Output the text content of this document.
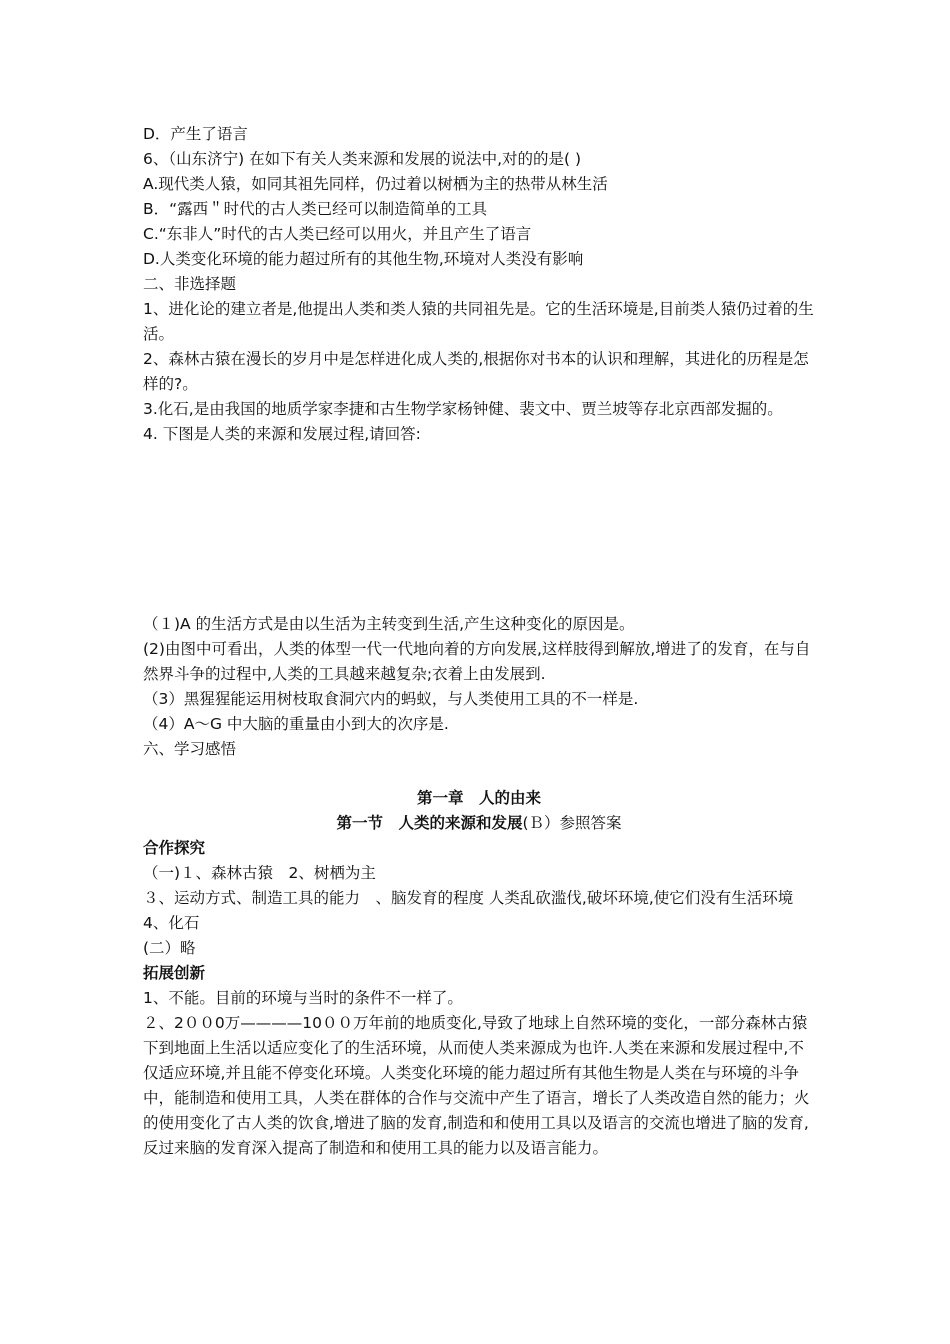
D．产生了语言
6、（山东济宁) 在如下有关人类来源和发展的说法中,对的的是( )
A.现代类人猿，如同其祖先同样，仍过着以树栖为主的热带从林生活
B．“露西＂时代的古人类已经可以制造简单的工具
C.“东非人”时代的古人类已经可以用火，并且产生了语言
D.人类变化环境的能力超过所有的其他生物,环境对人类没有影响
二、非选择题
1、进化论的建立者是,他提出人类和类人猿的共同祖先是。它的生活环境是,目前类人猿仍过着的生活。
2、森林古猿在漫长的岁月中是怎样进化成人类的,根据你对书本的认识和理解，其进化的历程是怎样的?。
3.化石,是由我国的地质学家李捷和古生物学家杨钟健、裴文中、贾兰坡等存北京西部发掘的。
4. 下图是人类的来源和发展过程,请回答:
（１)A 的生活方式是由以生活为主转变到生活,产生这种变化的原因是。
(2)由图中可看出，人类的体型一代一代地向着的方向发展,这样肢得到解放,增进了的发育，在与自然界斗争的过程中,人类的工具越来越复杂;衣着上由发展到.
（3）黑猩猩能运用树枝取食洞穴内的蚂蚁，与人类使用工具的不一样是.
（4）A～G 中大脑的重量由小到大的次序是.
六、学习感悟
第一章　人的由来
第一节　人类的来源和发展(Ｂ）参照答案
合作探究
（一)１、森林古猿　2、树栖为主
３、运动方式、制造工具的能力　、脑发育的程度 人类乱砍滥伐,破坏环境,使它们没有生活环境　4、化石
(二）略
拓展创新
1、不能。目前的环境与当时的条件不一样了。
２、2００0万————10００万年前的地质变化,导致了地球上自然环境的变化，一部分森林古猿下到地面上生活以适应变化了的生活环境，从而使人类来源成为也许.人类在来源和发展过程中,不仅适应环境,并且能不停变化环境。人类变化环境的能力超过所有其他生物是人类在与环境的斗争中，能制造和使用工具，人类在群体的合作与交流中产生了语言，增长了人类改造自然的能力；火的使用变化了古人类的饮食,增进了脑的发育,制造和和使用工具以及语言的交流也增进了脑的发育,反过来脑的发育深入提高了制造和和使用工具的能力以及语言能力。
